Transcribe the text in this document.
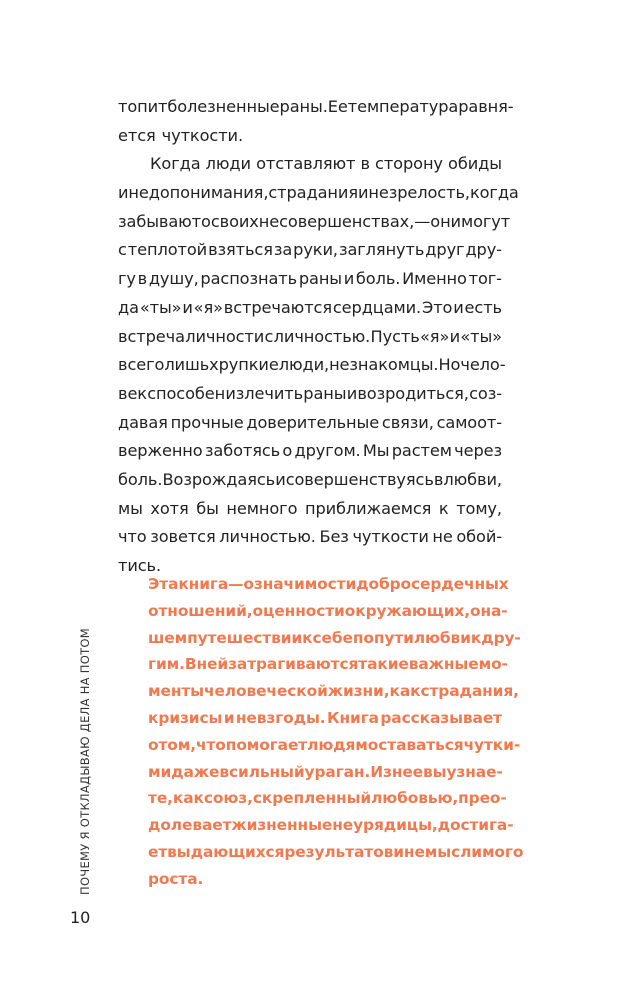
топит болезненные раны. Ее температура равня-
ется чуткости.
Когда люди отставляют в сторону обиды
и недопонимания, страдания и незрелость, когда
забывают о своих несовершенствах, — они могут
с теплотой взяться за руки, заглянуть друг дру-
гу в душу, распознать раны и боль. Именно тог-
да «ты» и «я» встречаются сердцами. Это и есть
встреча личности с личностью. Пусть «я» и «ты»
всего лишь хрупкие люди, незнакомцы. Но чело-
век способен излечить раны и возродиться, соз-
давая прочные доверительные связи, самоот-
верженно заботясь о другом. Мы растем через
боль. Возрождаясь и совершенствуясь в любви,
мы хотя бы немного приближаемся к тому,
что зовется личностью. Без чуткости не обой-
тись.
Эта книга — о значимости добросердечных
отношений, о ценности окружающих, о на-
шем путешествии к себе по пути любви к дру-
гим. В ней затрагиваются такие важные мо-
менты человеческой жизни, как страдания,
кризисы и невзгоды. Книга рассказывает
о том, что помогает людям оставаться чутки-
ми даже в сильный ураган. Из нее вы узнае-
те, как союз, скрепленный любовью, прео-
долевает жизненные неурядицы, достига-
ет выдающихся результатов и немыслимого
роста.
ПОЧЕМУ Я ОТКЛАДЫВАЮ ДЕЛА НА ПОТОМ
10
